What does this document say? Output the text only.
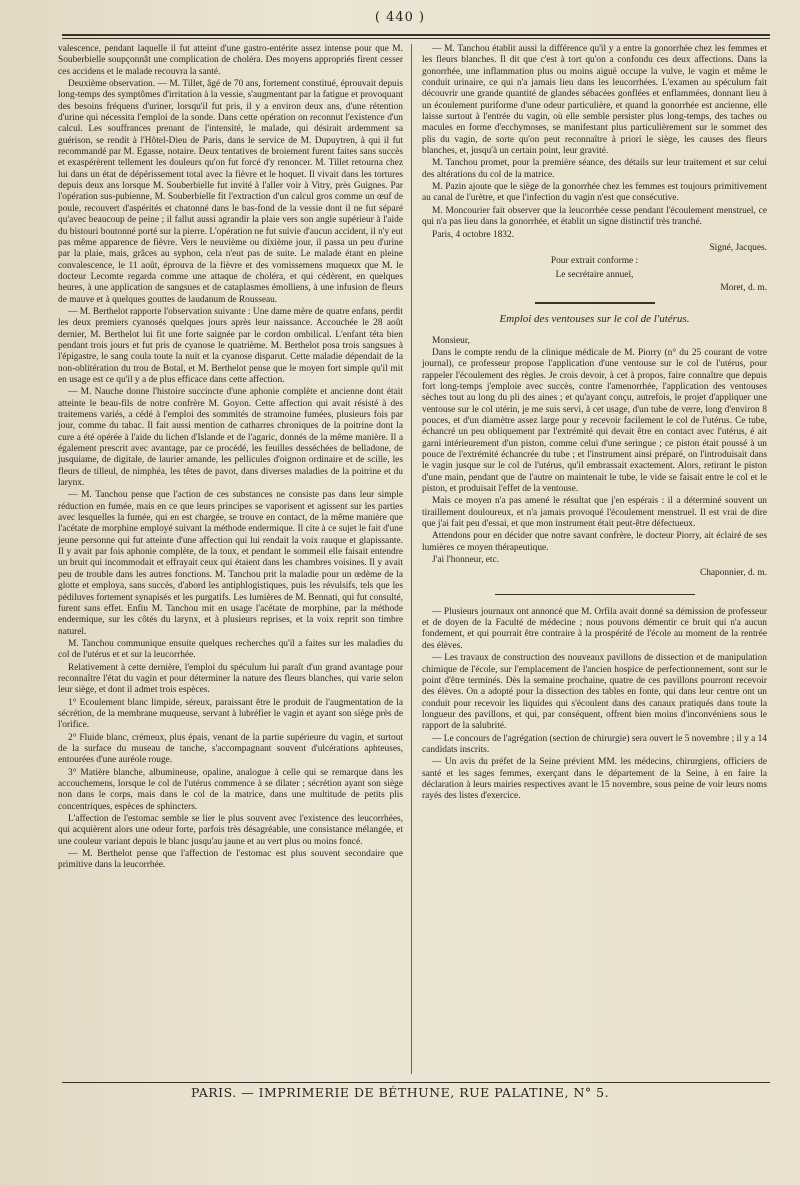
( 440 )

valescence, pendant laquelle il fut atteint d'une gastro-entérite assez intense pour que M. Souberbielle soupçonnât une complication de choléra. Des moyens appropriés firent cesser ces accidens et le malade recouvra la santé.

Deuxième observation. — M. Tillet, âgé de 70 ans, fortement constitué, éprouvait depuis long-temps des symptômes d'irritation à la vessie, s'augmentant par la fatigue et provoquant des besoins fréquens d'uriner, lorsqu'il fut pris, il y a environ deux ans, d'une rétention d'urine qui nécessita l'emploi de la sonde. Dans cette opération on reconnut l'existence d'un calcul. Les souffrances prenant de l'intensité, le malade, qui désirait ardemment sa guérison, se rendit à l'Hôtel-Dieu de Paris, dans le service de M. Dupuytren, à qui il fut recommandé par M. Egasse, notaire. Deux tentatives de broiement furent faites sans succès et exaspérèrent tellement les douleurs qu'on fut forcé d'y renoncer. M. Tillet retourna chez lui dans un état de dépérissement total avec la fièvre et le hoquet. Il vivait dans les tortures depuis deux ans lorsque M. Souberbielle fut invité à l'aller voir à Vitry, près Guignes. Par l'opération sus-pubienne, M. Souberbielle fit l'extraction d'un calcul gros comme un œuf de poule, recouvert d'aspérités et chatonné dans le bas-fond de la vessie dont il ne fut séparé qu'avec beaucoup de peine ; il fallut aussi agrandir la plaie vers son angle supérieur à l'aide du bistouri boutonné porté sur la pierre. L'opération ne fut suivie d'aucun accident, il n'y eut pas même apparence de fièvre. Vers le neuvième ou dixième jour, il passa un peu d'urine par la plaie, mais, grâces au syphon, cela n'eut pas de suite. Le malade étant en pleine convalescence, le 11 août, éprouva de la fièvre et des vomissemens muqueux que M. le docteur Lecomte regarda comme une attaque de choléra, et qui cédèrent, en quelques heures, à une application de sangsues et de cataplasmes émolliens, à une infusion de fleurs de mauve et à quelques gouttes de laudanum de Rousseau.

— M. Berthelot rapporte l'observation suivante : Une dame mère de quatre enfans, perdit les deux premiers cyanosés quelques jours après leur naissance. Accouchée le 28 août dernier, M. Berthelot lui fit une forte saignée par le cordon ombilical. L'enfant téta bien pendant trois jours et fut pris de cyanose le quatrième. M. Berthelot posa trois sangsues à l'épigastre, le sang coula toute la nuit et la cyanose disparut. Cette maladie dépendait de la non-oblitération du trou de Botal, et M. Berthelot pense que le moyen fort simple qu'il mit en usage est ce qu'il y a de plus efficace dans cette affection.

— M. Nauche donne l'histoire succincte d'une aphonie complète et ancienne dont était atteinte le beau-fils de notre confrère M. Goyon. Cette affection qui avait résisté à des traitemens variés, a cédé à l'emploi des sommités de stramoine fumées, plusieurs fois par jour, comme du tabac. Il fait aussi mention de catharres chroniques de la poitrine dont la cure a été opérée à l'aide du lichen d'Islande et de l'agaric, donnés de la même manière. Il a également prescrit avec avantage, par ce procédé, les feuilles desséchées de belladone, de jusquiame, de digitale, de laurier amande, les pellicules d'oignon ordinaire et de scille, les fleurs de tilleul, de nimphéa, les têtes de pavot, dans diverses maladies de la poitrine et du larynx.

— M. Tanchou pense que l'action de ces substances ne consiste pas dans leur simple réduction en fumée, mais en ce que leurs principes se vaporisent et agissent sur les parties avec lesquelles la fumée, qui en est chargée, se trouve en contact, de la même manière que l'acétate de morphine employé suivant la méthode endermique. Il cite à ce sujet le fait d'une jeune personne qui fut atteinte d'une affection qui lui rendait la voix rauque et glapissante. Il y avait par fois aphonie complète, de la toux, et pendant le sommeil elle faisait entendre un bruit qui incommodait et effrayait ceux qui étaient dans les chambres voisines. Il y avait peu de trouble dans les autres fonctions. M. Tanchou prit la maladie pour un œdème de la glotte et employa, sans succès, d'abord les antiphlogistiques, puis les révulsifs, tels que les pédiluves fortement synapisés et les purgatifs. Les lumières de M. Bennati, qui fut consulté, furent sans effet. Enfin M. Tanchou mit en usage l'acétate de morphine, par la méthode endermique, sur les côtés du larynx, et à plusieurs reprises, et la voix reprit son timbre naturel.

M. Tanchou communique ensuite quelques recherches qu'il a faites sur les maladies du col de l'utérus et et sur la leucorrhée.

Relativement à cette dernière, l'emploi du spéculum lui paraît d'un grand avantage pour reconnaître l'état du vagin et pour déterminer la nature des fleurs blanches, qui varie selon leur siège, et dont il admet trois espèces.

1° Ecoulement blanc limpide, séreux, paraissant être le produit de l'augmentation de la sécrétion, de la membrane muqueuse, servant à lubréfier le vagin et ayant son siège près de l'orifice.

2° Fluide blanc, crémeux, plus épais, venant de la partie supérieure du vagin, et surtout de la surface du museau de tanche, s'accompagnant souvent d'ulcérations aphteuses, entourées d'une auréole rouge.

3° Matière blanche, albumineuse, opaline, analogue à celle qui se remarque dans les accouchemens, lorsque le col de l'utérus commence à se dilater ; sécrétion ayant son siège non dans le corps, mais dans le col de la matrice, dans une multitude de petits plis concentriques, espèces de sphincters.

L'affection de l'estomac semble se lier le plus souvent avec l'existence des leucorrhées, qui acquièrent alors une odeur forte, parfois très désagréable, une consistance mélangée, et une couleur variant depuis le blanc jusqu'au jaune et au vert plus ou moins foncé.

— M. Berthelot pense que l'affection de l'estomac est plus souvent secondaire que primitive dans la leucorrhée.

— M. Tanchou établit aussi la différence qu'il y a entre la gonorrhée chez les femmes et les fleurs blanches. Il dit que c'est à tort qu'on a confondu ces deux affections. Dans la gonorrhée, une inflammation plus ou moins aiguë occupe la vulve, le vagin et même le conduit urinaire, ce qui n'a jamais lieu dans les leucorrhées. L'examen au spéculum fait découvrir une grande quantité de glandes sébacées gonflées et enflammées, donnant lieu à un écoulement puriforme d'une odeur particulière, et quand la gonorrhée est ancienne, elle laisse surtout à l'entrée du vagin, où elle semble persister plus long-temps, des taches ou macules en forme d'ecchymoses, se manifestant plus particulièrement sur le sommet des plis du vagin, de sorte qu'on peut reconnaître à priori le siège, les causes des fleurs blanches, et, jusqu'à un certain point, leur gravité.

M. Tanchou promet, pour la première séance, des détails sur leur traitement et sur celui des altérations du col de la matrice.

M. Pazin ajoute que le siège de la gonorrhée chez les femmes est toujours primitivement au canal de l'urètre, et que l'infection du vagin n'est que consécutive.

M. Moncourier fait observer que la leucorrhée cesse pendant l'écoulement menstruel, ce qui n'a pas lieu dans la gonorrhée, et établit un signe distinctif très tranché.

Paris, 4 octobre 1832.

Signé, Jacques.
Pour extrait conforme :
Le secrétaire annuel,
Moret, d. m.
Emploi des ventouses sur le col de l'utérus.

Monsieur,

Dans le compte rendu de la clinique médicale de M. Piorry (n° du 25 courant de votre journal), ce professeur propose l'application d'une ventouse sur le col de l'utérus, pour rappeler l'écoulement des règles. Je crois devoir, à cet à propos, faire connaître que depuis fort long-temps j'emploie avec succès, contre l'amenorrhée, l'application des ventouses sèches tout au long du pli des aines ; et qu'ayant conçu, autrefois, le projet d'appliquer une ventouse sur le col utérin, je me suis servi, à cet usage, d'un tube de verre, long d'environ 8 pouces, et d'un diamètre assez large pour y recevoir facilement le col de l'utérus. Ce tube, échancré un peu obliquement par l'extrémité qui devait être en contact avec l'utérus, é ait garni intérieurement d'un piston, comme celui d'une seringue ; ce piston était poussé à un pouce de l'extrémité échancrée du tube ; et l'instrument ainsi préparé, on l'introduisait dans le vagin jusque sur le col de l'utérus, qu'il embrassait exactement. Alors, retirant le piston d'une main, pendant que de l'autre on maintenait le tube, le vide se faisait entre le col et le piston, et produisait l'effet de la ventouse.

Mais ce moyen n'a pas amené le résultat que j'en espérais : il a déterminé souvent un tiraillement douloureux, et n'a jamais provoqué l'écoulement menstruel. Il est vrai de dire que j'ai fait peu d'essai, et que mon instrument était peut-être défectueux.

Attendons pour en décider que notre savant confrère, le docteur Piorry, ait éclairé de ses lumières ce moyen thérapeutique.

J'ai l'honneur, etc.

Chaponnier, d. m.

— Plusieurs journaux ont annoncé que M. Orfila avait donné sa démission de professeur et de doyen de la Faculté de médecine ; nous pouvons démentir ce bruit qui n'a aucun fondement, et qui pourrait être contraire à la prospérité de l'école au moment de la rentrée des élèves.

— Les travaux de construction des nouveaux pavillons de dissection et de manipulation chimique de l'école, sur l'emplacement de l'ancien hospice de perfectionnement, sont sur le point d'être terminés. Dès la semaine prochaine, quatre de ces pavillons pourront recevoir des élèves. On a adopté pour la dissection des tables en fonte, qui dans leur centre ont un conduit pour recevoir les liquides qui s'écoulent dans des canaux pratiqués dans toute la longueur des pavillons, et qui, par conséquent, offrent bien moins d'inconvéniens sous le rapport de la salubrité.

— Le concours de l'agrégation (section de chirurgie) sera ouvert le 5 novembre ; il y a 14 candidats inscrits.

— Un avis du préfet de la Seine prévient MM. les médecins, chirurgiens, officiers de santé et les sages femmes, exerçant dans le département de la Seine, à en faire la déclaration à leurs mairies respectives avant le 15 novembre, sous peine de voir leurs noms rayés des listes d'exercice.

PARIS. — IMPRIMERIE DE BÉTHUNE, RUE PALATINE, N° 5.
